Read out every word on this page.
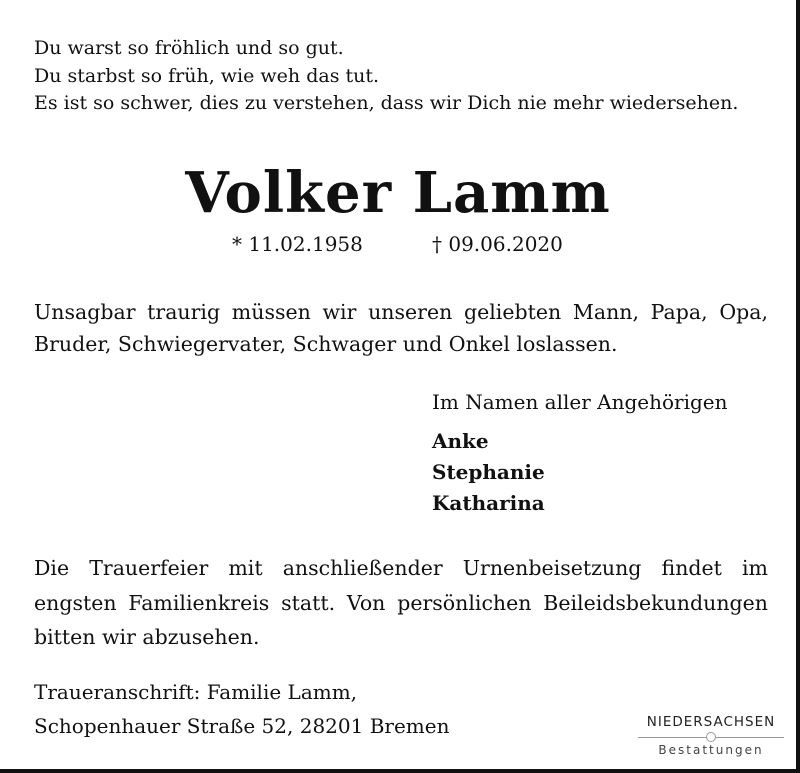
Du warst so fröhlich und so gut.
Du starbst so früh, wie weh das tut.
Es ist so schwer, dies zu verstehen, dass wir Dich nie mehr wiedersehen.
Volker Lamm
* 11.02.1958	† 09.06.2020
Unsagbar traurig müssen wir unseren geliebten Mann, Papa, Opa, Bruder, Schwiegervater, Schwager und Onkel loslassen.
Im Namen aller Angehörigen
Anke
Stephanie
Katharina
Die Trauerfeier mit anschließender Urnenbeisetzung findet im engsten Familienkreis statt. Von persönlichen Beileidsbekundungen bitten wir abzusehen.
Traueranschrift: Familie Lamm,
Schopenhauer Straße 52, 28201 Bremen	NIEDERSACHSEN
Bestattungen
